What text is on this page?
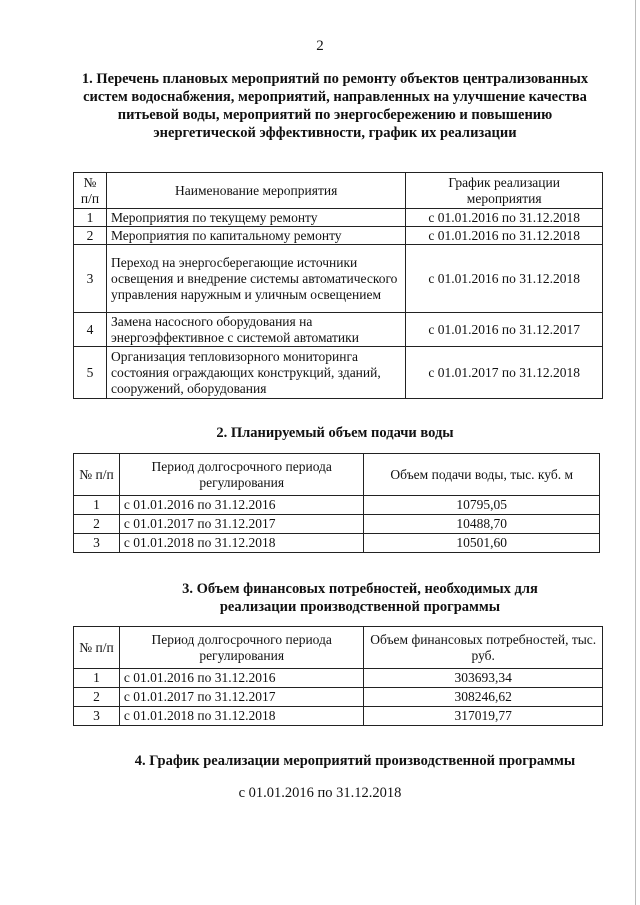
2
1. Перечень плановых мероприятий по ремонту объектов централизованных систем водоснабжения, мероприятий, направленных на улучшение качества питьевой воды, мероприятий по энергосбережению и повышению энергетической эффективности, график их реализации
№ п/п	Наименование мероприятия	График реализации мероприятия
1	Мероприятия по текущему ремонту	с 01.01.2016 по 31.12.2018
2	Мероприятия по капитальному ремонту	с 01.01.2016 по 31.12.2018
3	Переход на энергосберегающие источники освещения и внедрение системы автоматического управления наружным и уличным освещением	с 01.01.2016 по 31.12.2018
4	Замена насосного оборудования на энергоэффективное с системой автоматики	с 01.01.2016 по 31.12.2017
5	Организация тепловизорного мониторинга состояния ограждающих конструкций, зданий, сооружений, оборудования	с 01.01.2017 по 31.12.2018
2. Планируемый объем подачи воды
№ п/п	Период долгосрочного периода регулирования	Объем подачи воды, тыс. куб. м
1	с 01.01.2016 по 31.12.2016	10795,05
2	с 01.01.2017 по 31.12.2017	10488,70
3	с 01.01.2018 по 31.12.2018	10501,60
3. Объем финансовых потребностей, необходимых для реализации производственной программы
№ п/п	Период долгосрочного периода регулирования	Объем финансовых потребностей, тыс. руб.
1	с 01.01.2016 по 31.12.2016	303693,34
2	с 01.01.2017 по 31.12.2017	308246,62
3	с 01.01.2018 по 31.12.2018	317019,77
4. График реализации мероприятий производственной программы
с 01.01.2016 по 31.12.2018
